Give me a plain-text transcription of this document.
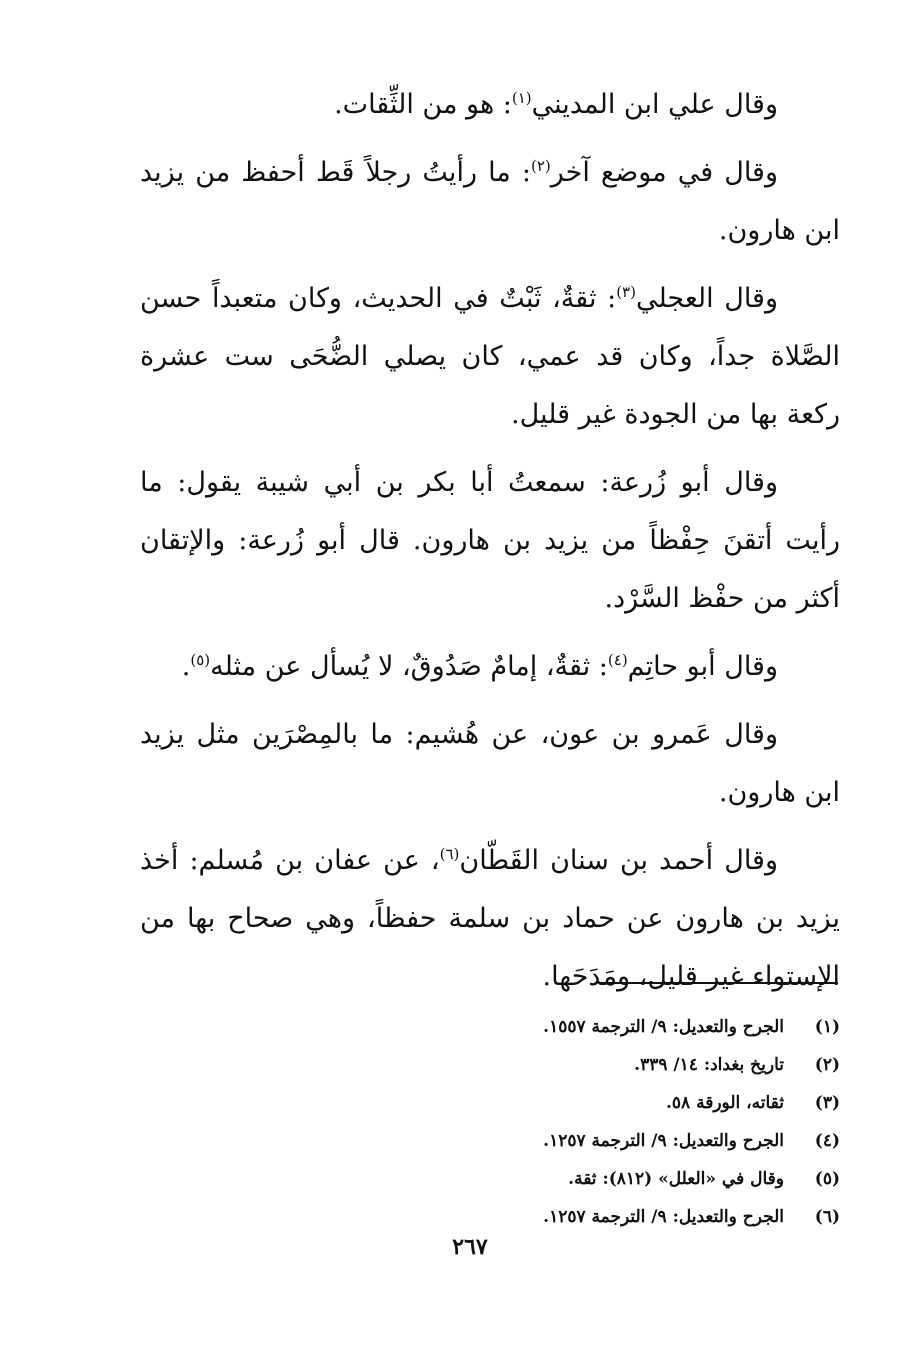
وقال علي ابن المديني$^{(١)}$: هو من الثِّقات.

وقال في موضع آخر$^{(٢)}$: ما رأيتُ رجلاً قَط أحفظ من يزيد ابن هارون.

وقال العجلي$^{(٣)}$: ثقةٌ، ثَبْتٌ في الحديث، وكان متعبداً حسن الصَّلاة جداً، وكان قد عمي، كان يصلي الضُّحَى ست عشرة ركعة بها من الجودة غير قليل.

وقال أبو زُرعة: سمعتُ أبا بكر بن أبي شيبة يقول: ما رأيت أتقنَ حِفْظاً من يزيد بن هارون. قال أبو زُرعة: والإتقان أكثر من حفْظ السَّرْد.

وقال أبو حاتِم$^{(٤)}$: ثقةٌ، إمامٌ صَدُوقٌ، لا يُسأل عن مثله$^{(٥)}$.

وقال عَمرو بن عون، عن هُشيم: ما بالمِصْرَين مثل يزيد ابن هارون.

وقال أحمد بن سنان القَطّان$^{(٦)}$، عن عفان بن مُسلم: أخذ يزيد بن هارون عن حماد بن سلمة حفظاً، وهي صحاح بها من الإستواء غير قليل، ومَدَحَها.

(١)
الجرح والتعديل: ٩/ الترجمة ١٥٥٧.
(٢)
تاريخ بغداد: ١٤/ ٣٣٩.
(٣)
ثقاته، الورقة ٥٨.
(٤)
الجرح والتعديل: ٩/ الترجمة ١٢٥٧.
(٥)
وقال في «العلل» (٨١٢): ثقة.
(٦)
الجرح والتعديل: ٩/ الترجمة ١٢٥٧.
٢٦٧
